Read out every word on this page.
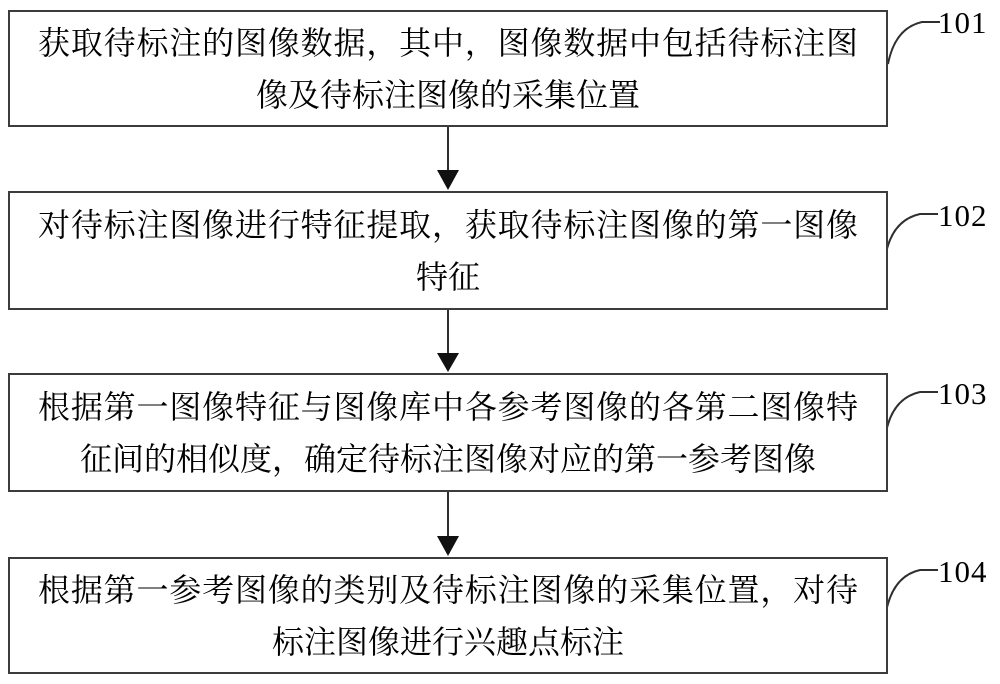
获取待标注的图像数据，其中，图像数据中包括待标注图像及待标注图像的采集位置
对待标注图像进行特征提取，获取待标注图像的第一图像特征
根据第一图像特征与图像库中各参考图像的各第二图像特征间的相似度，确定待标注图像对应的第一参考图像
根据第一参考图像的类别及待标注图像的采集位置，对待标注图像进行兴趣点标注
101
102
103
104
